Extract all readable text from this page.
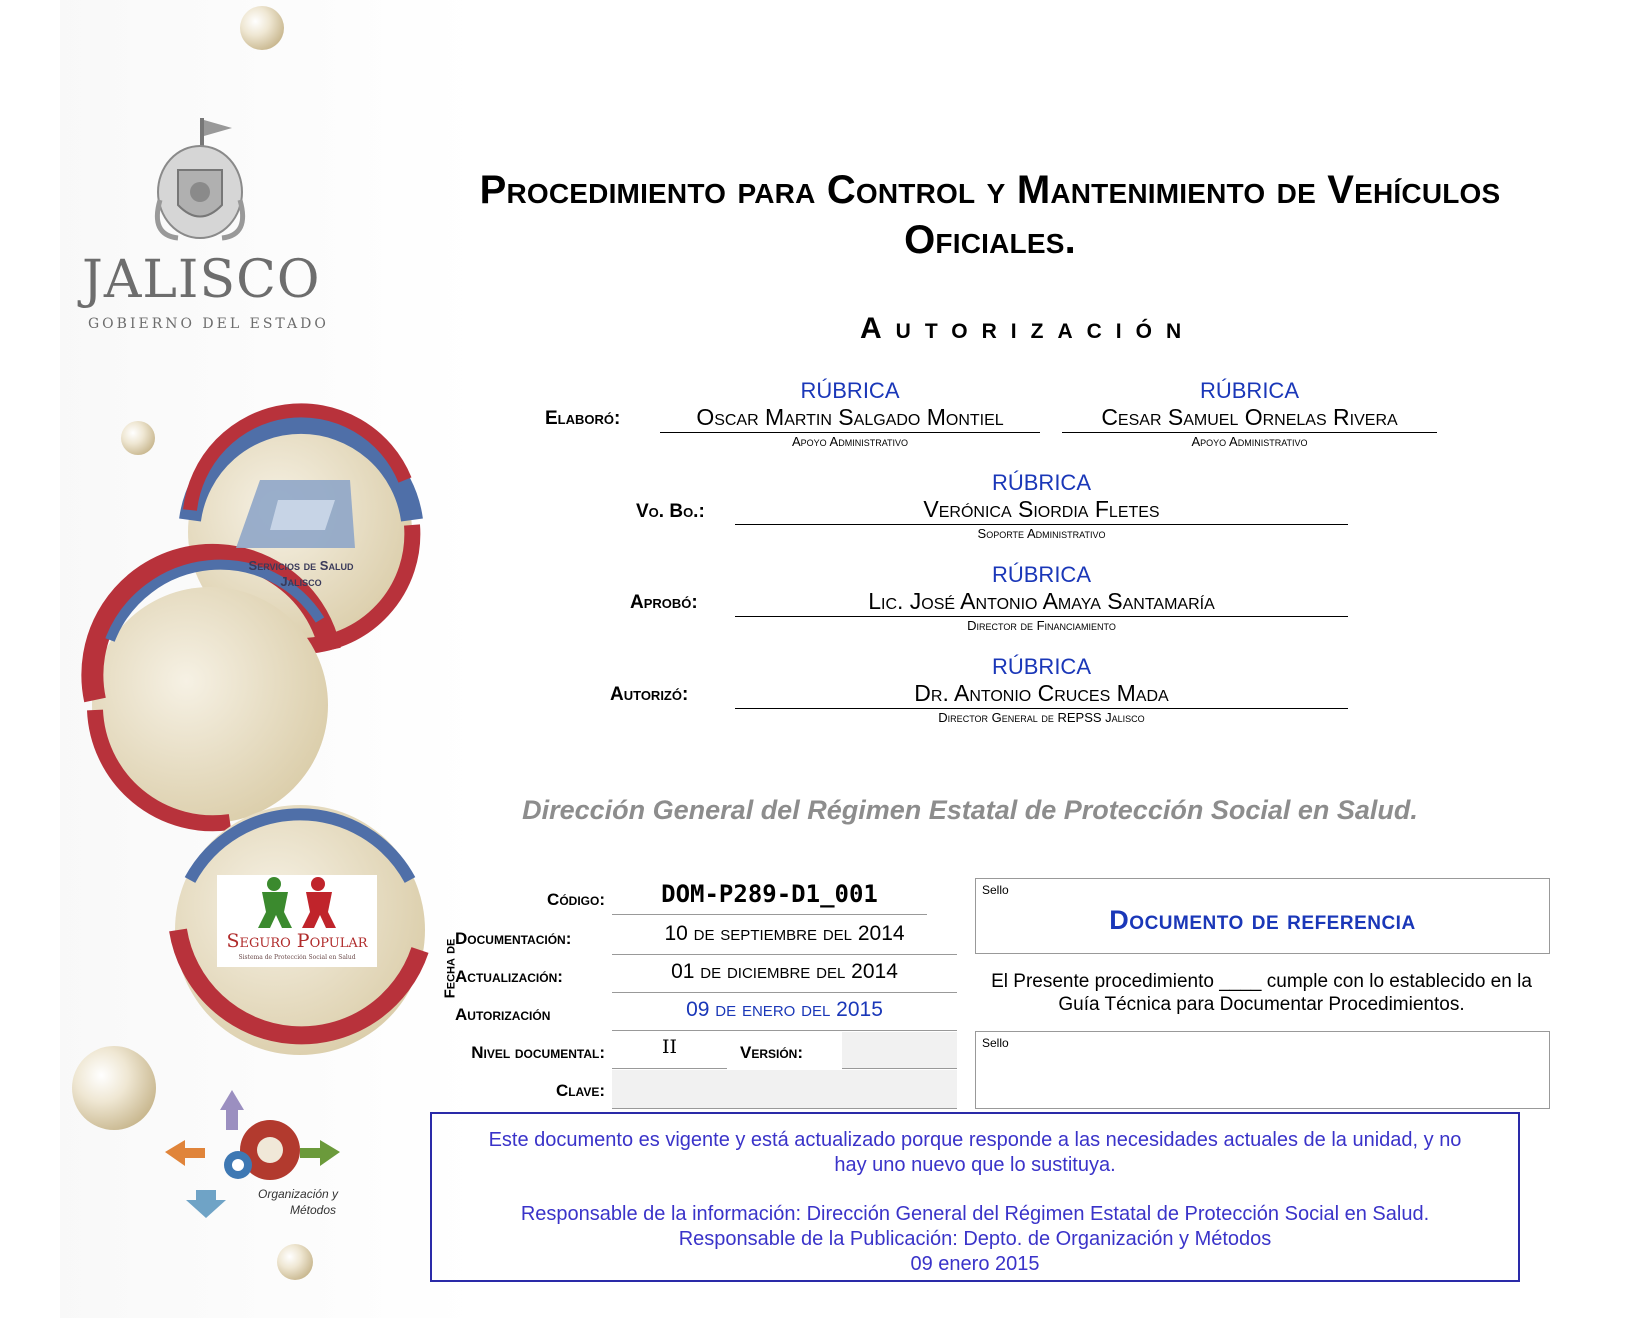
JALISCO
GOBIERNO DEL ESTADO
Servicios de Salud
Jalisco
Seguro Popular
Sistema de Protección Social en Salud
Organización y
Métodos
Procedimiento para Control y Mantenimiento de Vehículos
Oficiales.
Autorización
Elaboró:
RÚBRICA
Oscar Martin Salgado Montiel
Apoyo Administrativo
RÚBRICA
Cesar Samuel Ornelas Rivera
Apoyo Administrativo
Vo. Bo.:
RÚBRICA
Verónica Siordia Fletes
Soporte Administrativo
Aprobó:
RÚBRICA
Lic. José Antonio Amaya Santamaría
Director de Financiamiento
Autorizó:
RÚBRICA
Dr. Antonio Cruces Mada
Director General de REPSS Jalisco
Dirección General del Régimen Estatal de Protección Social en Salud.
Código:	DOM-P289-D1_001
Fecha de
Documentación:	10 de septiembre del 2014
Actualización:	01 de diciembre del 2014
Autorización	09 de enero del 2015
Nivel documental:	II	Versión:
Clave:
Sello
Documento de referencia
El Presente procedimiento ____ cumple con lo establecido en la
Guía Técnica para Documentar Procedimientos.
Sello
Este documento es vigente y está actualizado porque responde a las necesidades actuales de la unidad, y no
hay uno nuevo que lo sustituya.
Responsable de la información: Dirección General del Régimen Estatal de Protección Social en Salud.
Responsable de la Publicación: Depto. de Organización y Métodos
09 enero 2015
